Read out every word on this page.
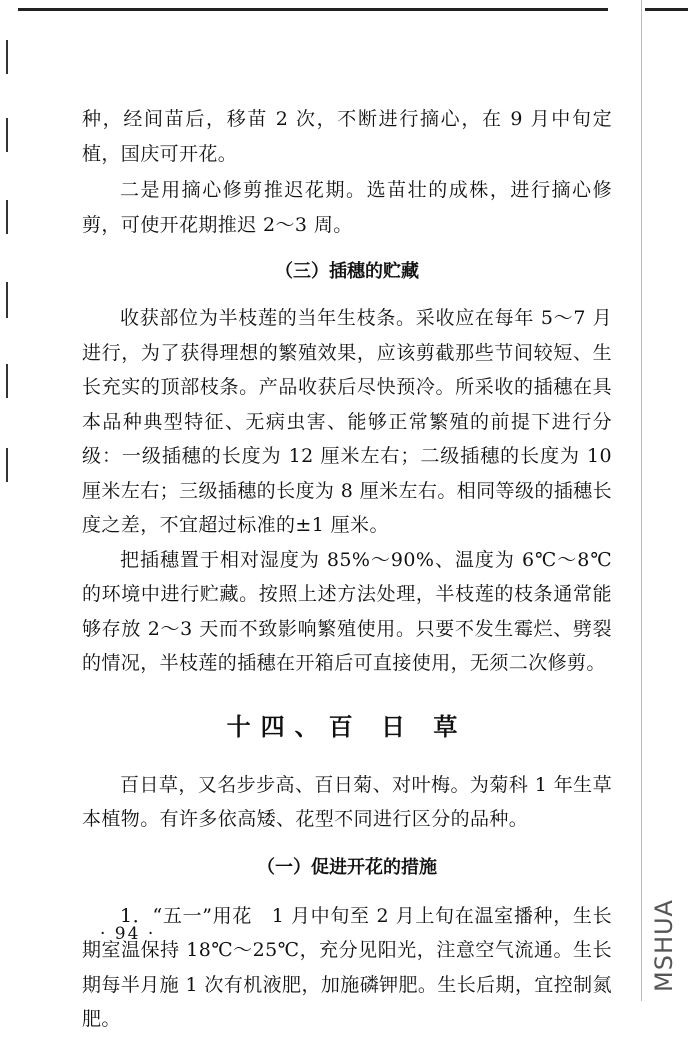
种，经间苗后，移苗 2 次，不断进行摘心，在 9 月中旬定植，国庆可开花。

二是用摘心修剪推迟花期。选苗壮的成株，进行摘心修剪，可使开花期推迟 2～3 周。

（三）插穗的贮藏

收获部位为半枝莲的当年生枝条。采收应在每年 5～7 月进行，为了获得理想的繁殖效果，应该剪截那些节间较短、生长充实的顶部枝条。产品收获后尽快预冷。所采收的插穗在具本品种典型特征、无病虫害、能够正常繁殖的前提下进行分级：一级插穗的长度为 12 厘米左右；二级插穗的长度为 10 厘米左右；三级插穗的长度为 8 厘米左右。相同等级的插穗长度之差，不宜超过标准的±1 厘米。

把插穗置于相对湿度为 85%～90%、温度为 6℃～8℃的环境中进行贮藏。按照上述方法处理，半枝莲的枝条通常能够存放 2～3 天而不致影响繁殖使用。只要不发生霉烂、劈裂的情况，半枝莲的插穗在开箱后可直接使用，无须二次修剪。

十四、百 日 草

百日草，又名步步高、百日菊、对叶梅。为菊科 1 年生草本植物。有许多依高矮、花型不同进行区分的品种。

（一）促进开花的措施

1．“五一”用花　1 月中旬至 2 月上旬在温室播种，生长期室温保持 18℃～25℃，充分见阳光，注意空气流通。生长期每半月施 1 次有机液肥，加施磷钾肥。生长后期，宜控制氮肥。

· 94 ·	MSHUA
